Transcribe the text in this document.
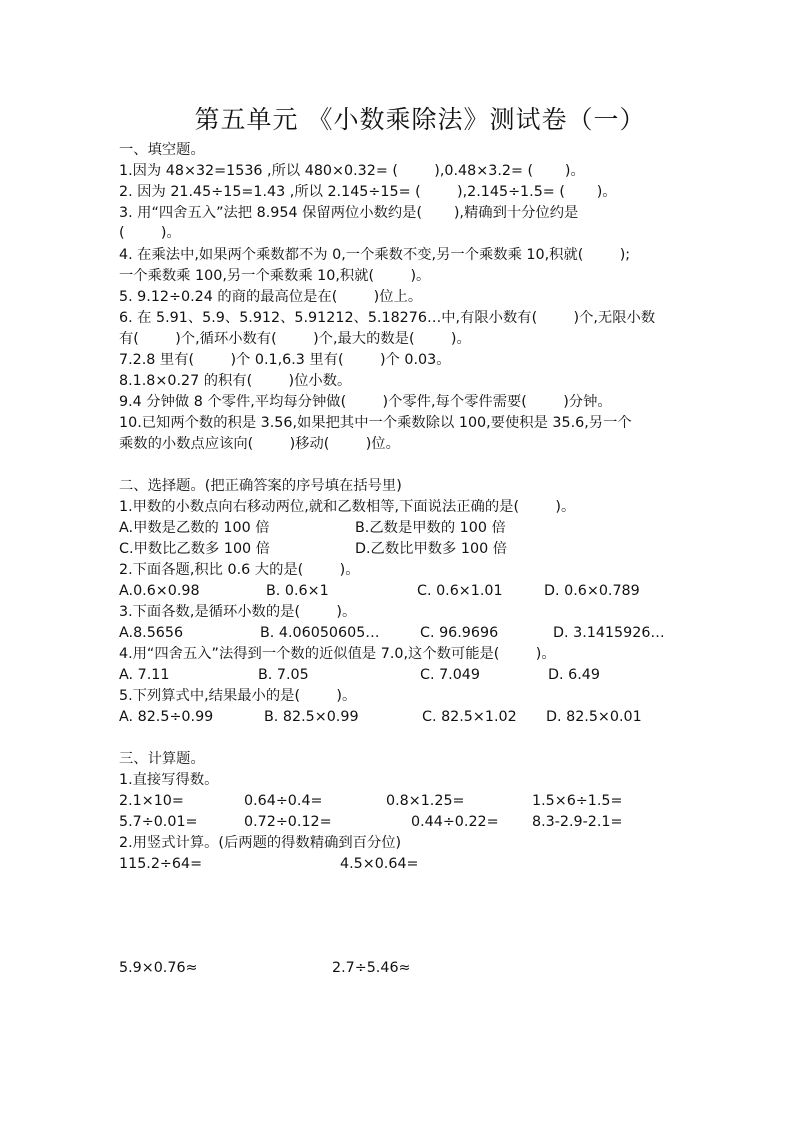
第五单元 《小数乘除法》测试卷（一）
一、填空题。
1.因为 48×32=1536 ,所以 480×0.32= (        ),0.48×3.2= (       )。
2. 因为 21.45÷15=1.43 ,所以 2.145÷15= (        ),2.145÷1.5= (       )。
3. 用“四舍五入”法把 8.954 保留两位小数约是(       ),精确到十分位约是
(        )。
4. 在乘法中,如果两个乘数都不为 0,一个乘数不变,另一个乘数乘 10,积就(        );
一个乘数乘 100,另一个乘数乘 10,积就(        )。
5. 9.12÷0.24 的商的最高位是在(        )位上。
6. 在 5.91、5.9、5.912、5.91212、5.18276…中,有限小数有(        )个,无限小数
有(        )个,循环小数有(        )个,最大的数是(        )。
7.2.8 里有(        )个 0.1,6.3 里有(        )个 0.03。
8.1.8×0.27 的积有(        )位小数。
9.4 分钟做 8 个零件,平均每分钟做(        )个零件,每个零件需要(        )分钟。
10.已知两个数的积是 3.56,如果把其中一个乘数除以 100,要使积是 35.6,另一个
乘数的小数点应该向(        )移动(        )位。
二、选择题。(把正确答案的序号填在括号里)
1.甲数的小数点向右移动两位,就和乙数相等,下面说法正确的是(        )。

A.甲数是乙数的 100 倍

	B.乙数是甲数的 100 倍

C.甲数比乙数多 100 倍

	D.乙数比甲数多 100 倍

2.下面各题,积比 0.6 大的是(        )。

A.0.6×0.98

	B. 0.6×1

	C. 0.6×1.01

	D. 0.6×0.789

3.下面各数,是循环小数的是(        )。

A.8.5656

	B. 4.06050605…

	C. 96.9696

	D. 3.1415926…

4.用“四舍五入”法得到一个数的近似值是 7.0,这个数可能是(        )。

A. 7.11

	B. 7.05

	C. 7.049

	D. 6.49

5.下列算式中,结果最小的是(        )。

A. 82.5÷0.99

	B. 82.5×0.99

	C. 82.5×1.02

D. 82.5×0.01

三、计算题。
1.直接写得数。

2.1×10=

	0.64÷0.4=

	0.8×1.25=

	1.5×6÷1.5=

5.7÷0.01=

	0.72÷0.12=

	0.44÷0.22=

8.3-2.9-2.1=

2.用竖式计算。(后两题的得数精确到百分位)

115.2÷64=

	4.5×0.64=

5.9×0.76≈

	2.7÷5.46≈
